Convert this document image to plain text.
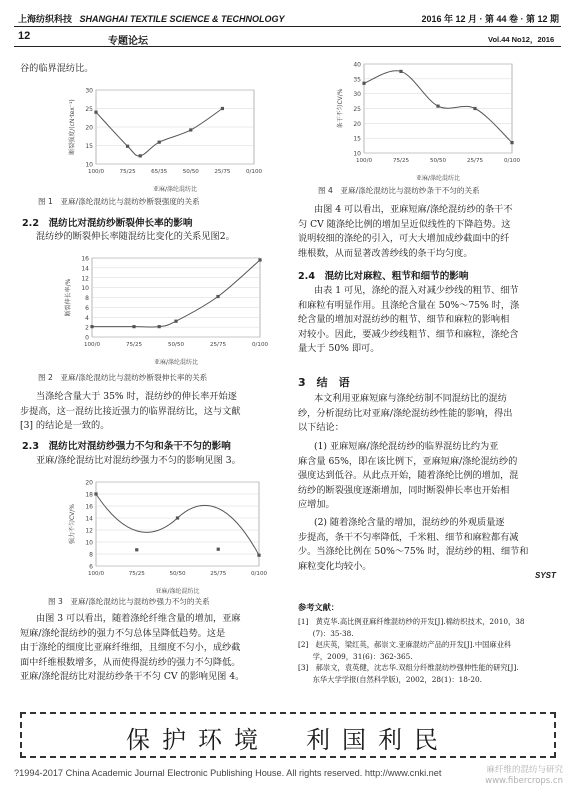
上海纺织科技 SHANGHAI TEXTILE SCIENCE & TECHNOLOGY	2016 年 12 月 · 第 44 卷 · 第 12 期
12	专题论坛	Vol.44 No12，2016
谷的临界混纺比。
10
15
20
25
30
100/0	75/25	65/35	50/50	25/75	0/100
亚麻/涤纶混纺比
断裂强度/(cN·tex⁻¹)
图 1　亚麻/涤纶混纺比与混纺纱断裂强度的关系
2.2　混纺比对混纺纱断裂伸长率的影响
混纺纱的断裂伸长率随混纺比变化的关系见图2。
0
2
4
6
8
10
12
14
16
100/0	75/25	50/50	25/75	0/100
亚麻/涤纶混纺比
断裂伸长率/%
图 2　亚麻/涤纶混纺比与混纺纱断裂伸长率的关系
当涤纶含量大于 35% 时，混纺纱的伸长率开始逐
步提高，这一混纺比接近强力的临界混纺比，这与文献
[3] 的结论是一致的。
2.3　混纺比对混纺纱强力不匀和条干不匀的影响
亚麻/涤纶混纺比对混纺纱强力不匀的影响见图 3。
6
8
10
12
14
16
18
20
100/0	75/25	50/50	25/75	0/100
亚麻/涤纶混纺比
强力不匀CV/%
图 3　亚麻/涤纶混纺比与混纺纱强力不匀的关系
由图 3 可以看出，随着涤纶纤维含量的增加，亚麻
短麻/涤纶混纺纱的强力不匀总体呈降低趋势。这是
由于涤纶的细度比亚麻纤维细，且细度不匀小，成纱截
面中纤维根数增多，从而使得混纺纱的强力不匀降低。
亚麻/涤纶混纺比对混纺纱条干不匀 CV 的影响见图 4。
10
15
20
25
30
35
40
100/0	75/25	50/50	25/75	0/100
亚麻/涤纶混纺比
条干不匀CV/%
图 4　亚麻/涤纶混纺比与混纺纱条干不匀的关系
由图 4 可以看出，亚麻短麻/涤纶混纺纱的条干不
匀 CV 随涤纶比例的增加呈近似线性的下降趋势。这
说明较细的涤纶的引入，可大大增加成纱截面中的纤
维根数，从而显著改善纱线的条干均匀度。
2.4　混纺比对麻粒、粗节和细节的影响
由表 1 可见，涤纶的混入对减少纱线的粗节、细节
和麻粒有明显作用。且涤纶含量在 50%～75% 时，涤
纶含量的增加对混纺纱的粗节、细节和麻粒的影响相
对较小。因此，要减少纱线粗节、细节和麻粒，涤纶含
量大于 50% 即可。
3　结　语
本文利用亚麻短麻与涤纶纺制不同混纺比的混纺
纱，分析混纺比对亚麻/涤纶混纺纱性能的影响，得出
以下结论：
(1) 亚麻短麻/涤纶混纺纱的临界混纺比约为亚
麻含量 65%，即在该比例下，亚麻短麻/涤纶混纺纱的
强度达到低谷。从此点开始，随着涤纶比例的增加，混
纺纱的断裂强度逐渐增加，同时断裂伸长率也开始相
应增加。
(2) 随着涤纶含量的增加，混纺纱的外观质量逐
步提高，条干不匀率降低，千米粗、细节和麻粒都有减
少。当涤纶比例在 50%～75% 时，混纺纱的粗、细节和
麻粒变化均较小。
SYST
参考文献：
[1]　黄克华.高比例亚麻纤维混纺纱的开发[J].棉纺织技术，2010，38
　　(7)：35-38.
[2]　赵庆英，梁红英，郝崇文.亚麻混纺产品的开发[J].中国麻业科
　　学，2009，31(6)：362-365.
[3]　郝崇文，袁英健，沈志华.双组分纤维混纺纱强伸性能的研究[J].
　　东华大学学报(自然科学版)，2002，28(1)：18-20.
保护环境　利国利民
?1994-2017 China Academic Journal Electronic Publishing House. All rights reserved. http://www.cnki.net	麻纤维的混纺与研究
www.fibercrops.cn
